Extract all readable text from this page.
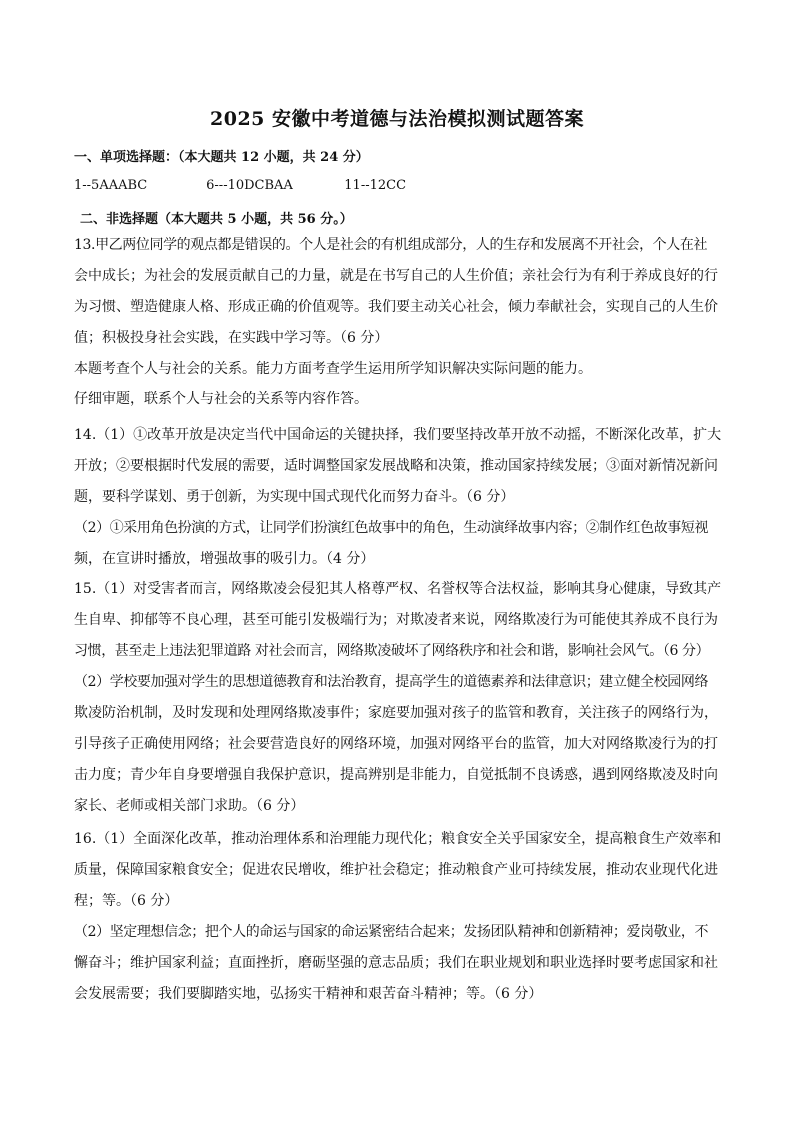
2025 安徽中考道德与法治模拟测试题答案
一、单项选择题：（本大题共 12 小题，共 24 分）
1--5AAABC	6---10DCBAA	11--12CC
二、非选择题（本大题共 5 小题，共 56 分。）
13.甲乙两位同学的观点都是错误的。个人是社会的有机组成部分，人的生存和发展离不开社会，个人在社
会中成长；为社会的发展贡献自己的力量，就是在书写自己的人生价值；亲社会行为有利于养成良好的行
为习惯、塑造健康人格、形成正确的价值观等。我们要主动关心社会，倾力奉献社会，实现自己的人生价
值；积极投身社会实践，在实践中学习等。（6 分）
本题考查个人与社会的关系。能力方面考查学生运用所学知识解决实际问题的能力。
仔细审题，联系个人与社会的关系等内容作答。
14.（1）①改革开放是决定当代中国命运的关键抉择，我们要坚持改革开放不动摇，不断深化改革，扩大
开放；②要根据时代发展的需要，适时调整国家发展战略和决策，推动国家持续发展；③面对新情况新问
题，要科学谋划、勇于创新，为实现中国式现代化而努力奋斗。（6 分）
（2）①采用角色扮演的方式，让同学们扮演红色故事中的角色，生动演绎故事内容；②制作红色故事短视
频，在宣讲时播放，增强故事的吸引力。（4 分）
15.（1）对受害者而言，网络欺凌会侵犯其人格尊严权、名誉权等合法权益，影响其身心健康，导致其产
生自卑、抑郁等不良心理，甚至可能引发极端行为；对欺凌者来说，网络欺凌行为可能使其养成不良行为
习惯，甚至走上违法犯罪道路 对社会而言，网络欺凌破坏了网络秩序和社会和谐，影响社会风气。（6 分）
（2）学校要加强对学生的思想道德教育和法治教育，提高学生的道德素养和法律意识；建立健全校园网络
欺凌防治机制，及时发现和处理网络欺凌事件；家庭要加强对孩子的监管和教育，关注孩子的网络行为，
引导孩子正确使用网络；社会要营造良好的网络环境，加强对网络平台的监管，加大对网络欺凌行为的打
击力度；青少年自身要增强自我保护意识，提高辨别是非能力，自觉抵制不良诱惑，遇到网络欺凌及时向
家长、老师或相关部门求助。（6 分）
16.（1）全面深化改革，推动治理体系和治理能力现代化；粮食安全关乎国家安全，提高粮食生产效率和
质量，保障国家粮食安全；促进农民增收，维护社会稳定；推动粮食产业可持续发展，推动农业现代化进
程；等。（6 分）
（2）坚定理想信念；把个人的命运与国家的命运紧密结合起来；发扬团队精神和创新精神；爱岗敬业，不
懈奋斗；维护国家利益；直面挫折，磨砺坚强的意志品质；我们在职业规划和职业选择时要考虑国家和社
会发展需要；我们要脚踏实地，弘扬实干精神和艰苦奋斗精神；等。（6 分）
